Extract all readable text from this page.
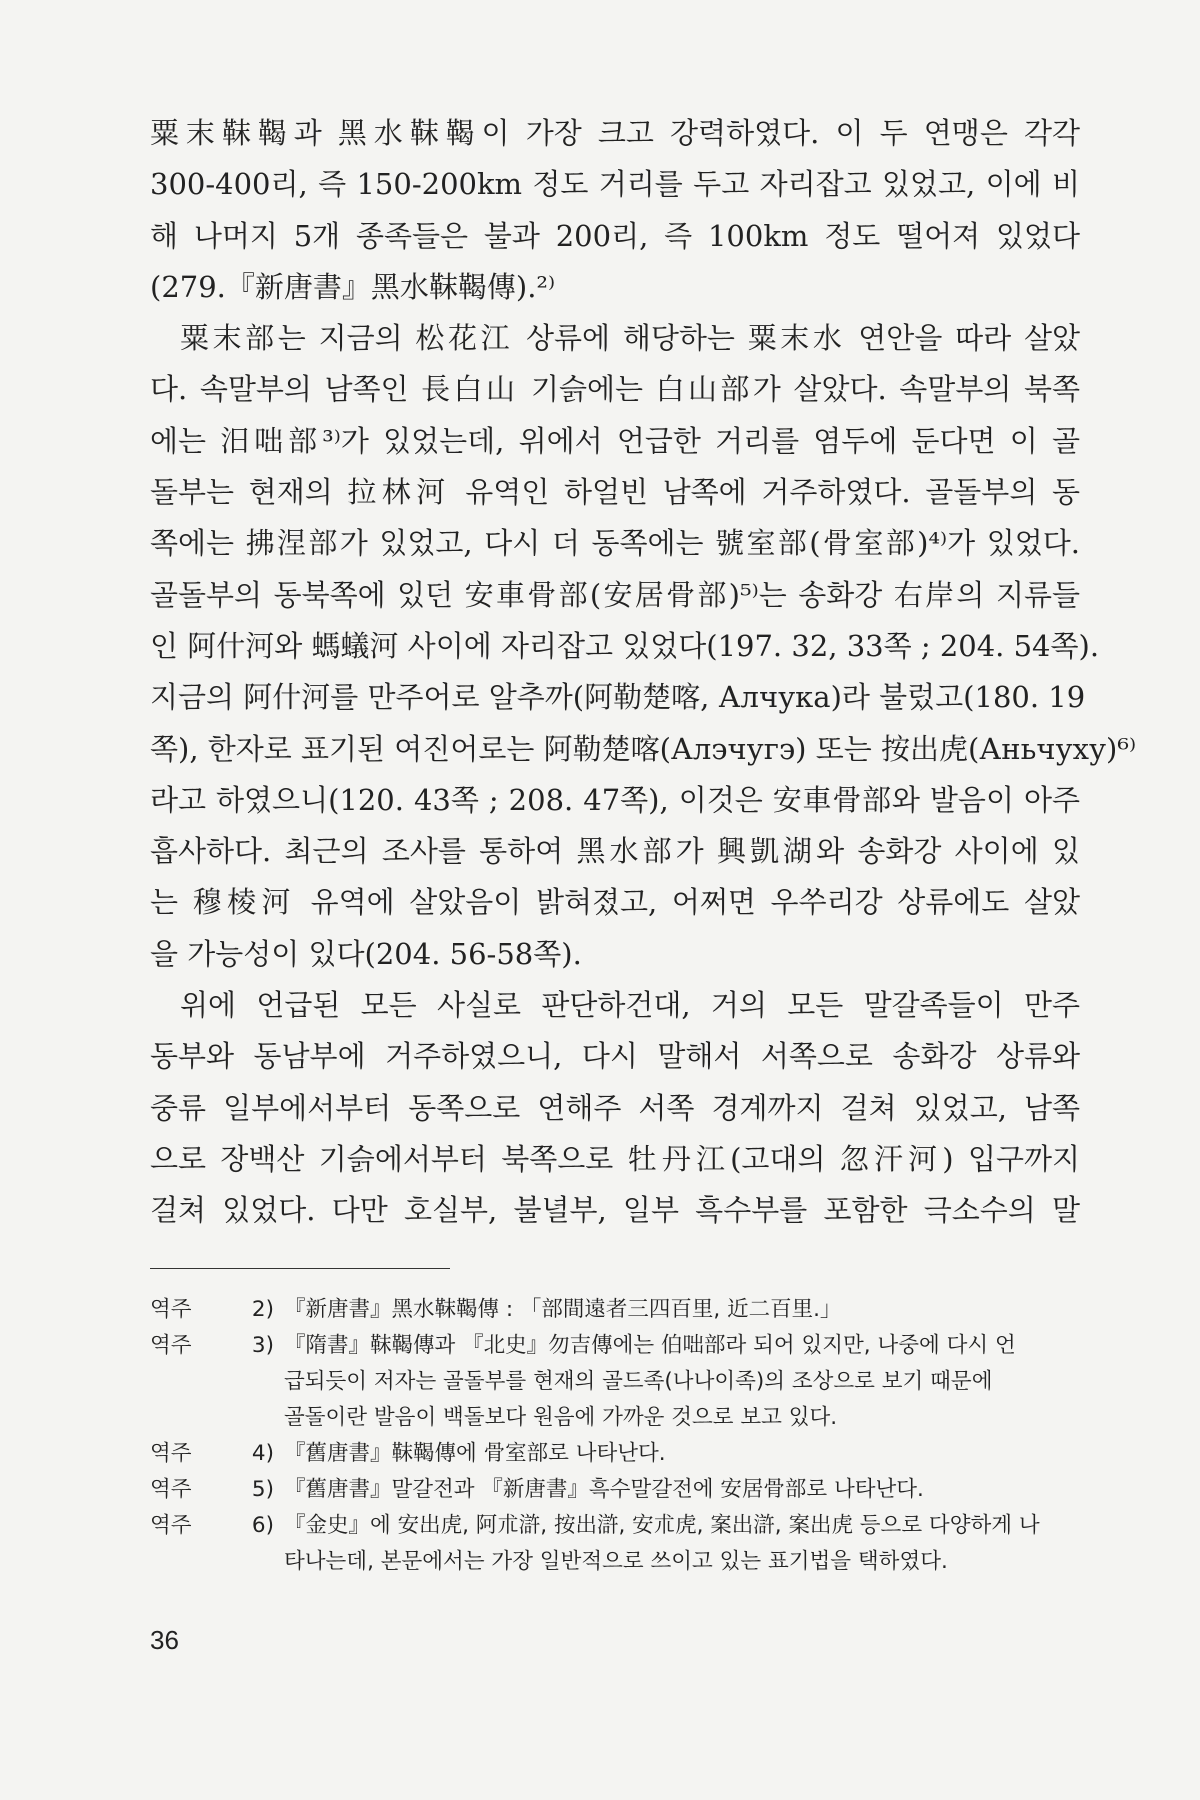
粟末靺鞨과 黑水靺鞨이 가장 크고 강력하였다. 이 두 연맹은 각각
300-400리, 즉 150-200km 정도 거리를 두고 자리잡고 있었고, 이에 비
해 나머지 5개 종족들은 불과 200리, 즉 100km 정도 떨어져 있었다
(279.『新唐書』黑水靺鞨傳).²⁾
粟末部는 지금의 松花江 상류에 해당하는 粟末水 연안을 따라 살았
다. 속말부의 남쪽인 長白山 기슭에는 白山部가 살았다. 속말부의 북쪽
에는 汨咄部³⁾가 있었는데, 위에서 언급한 거리를 염두에 둔다면 이 골
돌부는 현재의 拉林河 유역인 하얼빈 남쪽에 거주하였다. 골돌부의 동
쪽에는 拂涅部가 있었고, 다시 더 동쪽에는 號室部(骨室部)⁴⁾가 있었다.
골돌부의 동북쪽에 있던 安車骨部(安居骨部)⁵⁾는 송화강 右岸의 지류들
인 阿什河와 螞蟻河 사이에 자리잡고 있었다(197. 32, 33쪽 ; 204. 54쪽).
지금의 阿什河를 만주어로 알추까(阿勒楚喀, Алчука)라 불렀고(180. 19
쪽), 한자로 표기된 여진어로는 阿勒楚喀(Алэчугэ) 또는 按出虎(Аньчуху)⁶⁾
라고 하였으니(120. 43쪽 ; 208. 47쪽), 이것은 安車骨部와 발음이 아주
흡사하다. 최근의 조사를 통하여 黑水部가 興凱湖와 송화강 사이에 있
는 穆棱河 유역에 살았음이 밝혀졌고, 어쩌면 우쑤리강 상류에도 살았
을 가능성이 있다(204. 56-58쪽).
위에 언급된 모든 사실로 판단하건대, 거의 모든 말갈족들이 만주
동부와 동남부에 거주하였으니, 다시 말해서 서쪽으로 송화강 상류와
중류 일부에서부터 동쪽으로 연해주 서쪽 경계까지 걸쳐 있었고, 남쪽
으로 장백산 기슭에서부터 북쪽으로 牡丹江(고대의 忽汗河) 입구까지
걸쳐 있었다. 다만 호실부, 불녈부, 일부 흑수부를 포함한 극소수의 말
역주	2) 『新唐書』黑水靺鞨傳 : 「部間遠者三四百里, 近二百里.」
역주	3) 『隋書』靺鞨傳과 『北史』勿吉傳에는 伯咄部라 되어 있지만, 나중에 다시 언
급되듯이 저자는 골돌부를 현재의 골드족(나나이족)의 조상으로 보기 때문에
골돌이란 발음이 백돌보다 원음에 가까운 것으로 보고 있다.
역주	4) 『舊唐書』靺鞨傳에 骨室部로 나타난다.
역주	5) 『舊唐書』말갈전과 『新唐書』흑수말갈전에 安居骨部로 나타난다.
역주	6) 『金史』에 安出虎, 阿朮滸, 按出滸, 安朮虎, 案出滸, 案出虎 등으로 다양하게 나
타나는데, 본문에서는 가장 일반적으로 쓰이고 있는 표기법을 택하였다.
36
